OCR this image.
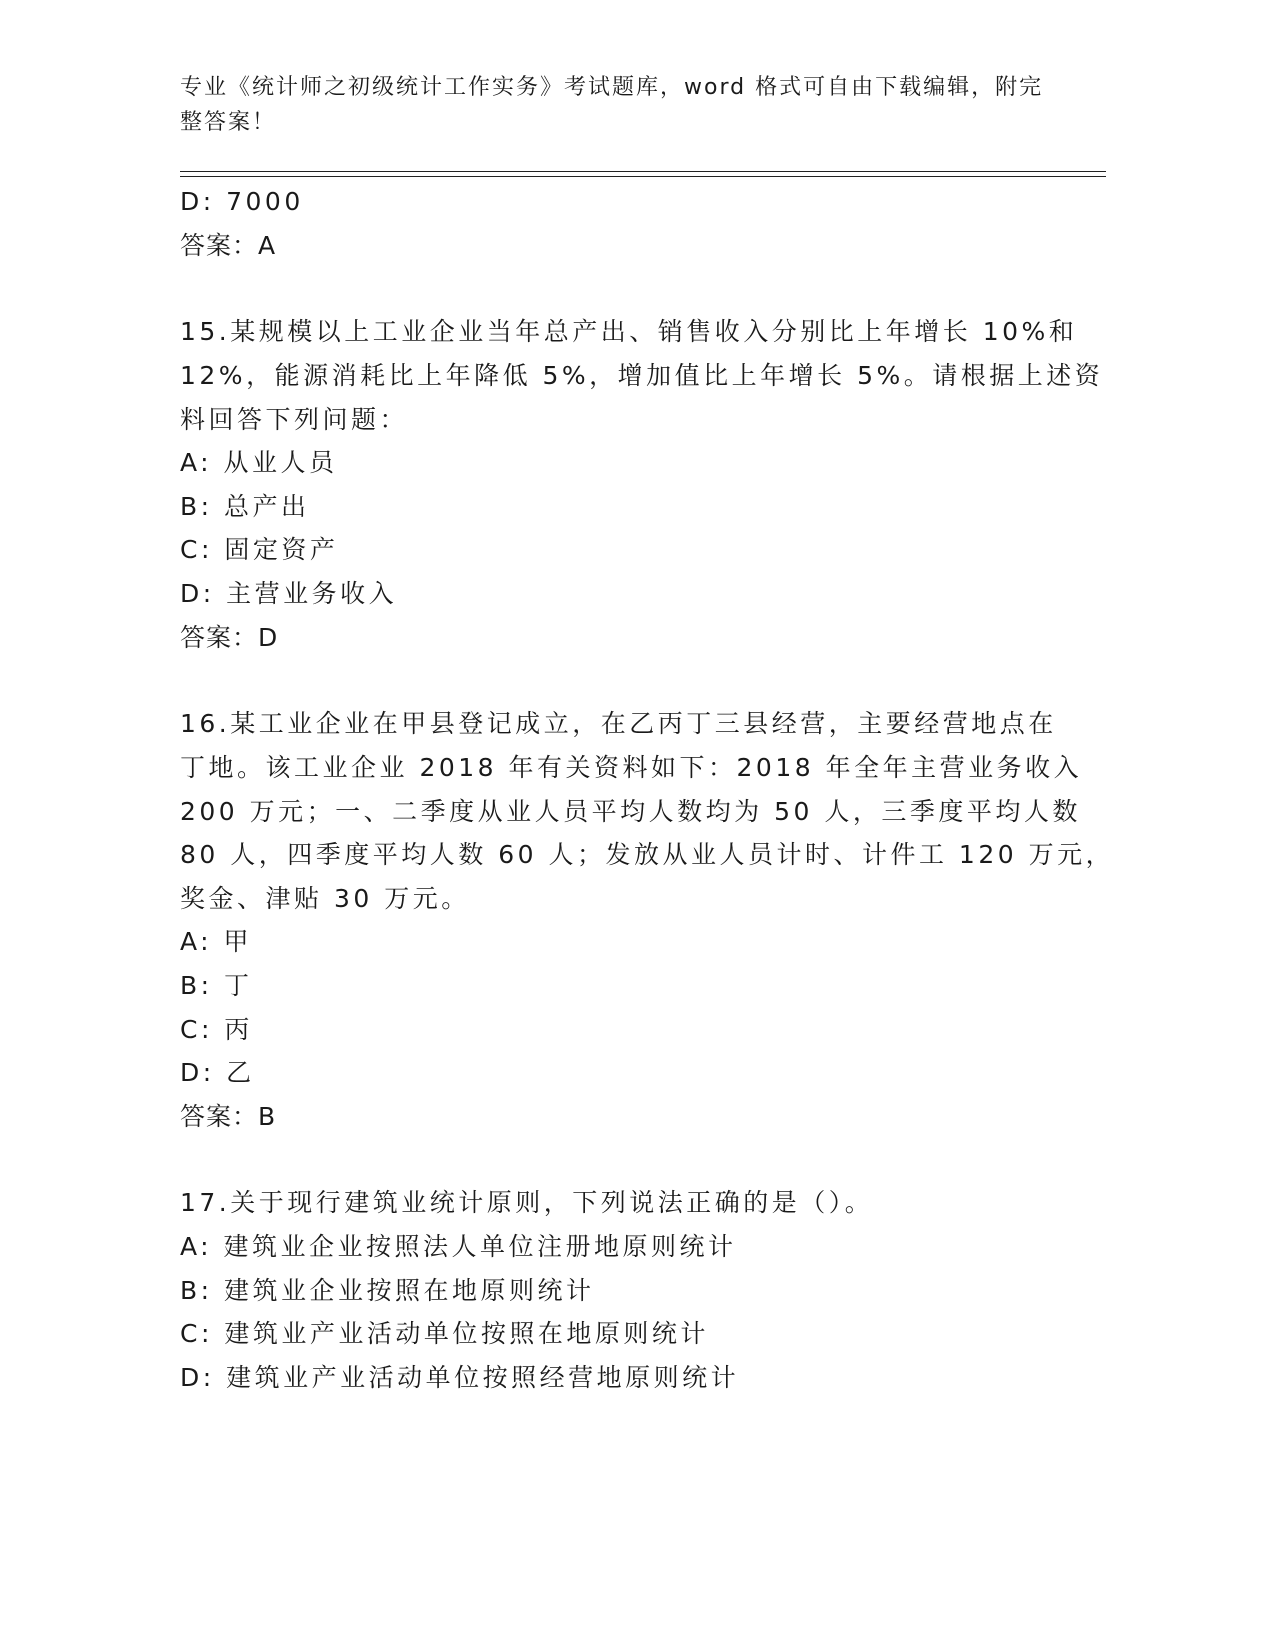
专业《统计师之初级统计工作实务》考试题库，word 格式可自由下载编辑，附完
整答案！
D: 7000
答案：A
15.某规模以上工业企业当年总产出、销售收入分别比上年增长 10%和
12%，能源消耗比上年降低 5%，增加值比上年增长 5%。请根据上述资
料回答下列问题：
A: 从业人员
B: 总产出
C: 固定资产
D: 主营业务收入
答案：D
16.某工业企业在甲县登记成立，在乙丙丁三县经营，主要经营地点在
丁地。该工业企业 2018 年有关资料如下：2018 年全年主营业务收入
200 万元；一、二季度从业人员平均人数均为 50 人，三季度平均人数
80 人，四季度平均人数 60 人；发放从业人员计时、计件工 120 万元，
奖金、津贴 30 万元。
A: 甲
B: 丁
C: 丙
D: 乙
答案：B
17.关于现行建筑业统计原则，下列说法正确的是（）。
A: 建筑业企业按照法人单位注册地原则统计
B: 建筑业企业按照在地原则统计
C: 建筑业产业活动单位按照在地原则统计
D: 建筑业产业活动单位按照经营地原则统计
